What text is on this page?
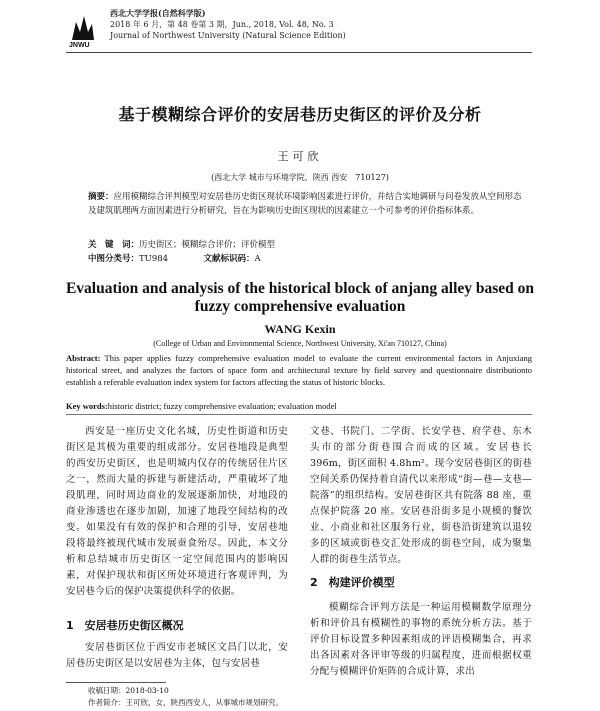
JNWU
西北大学学报(自然科学版)
2018 年 6 月，第 48 卷第 3 期，Jun., 2018, Vol. 48, No. 3
Journal of Northwest University (Natural Science Edition)
基于模糊综合评价的安居巷历史街区的评价及分析
王可欣
(西北大学 城市与环境学院，陕西 西安　710127)
摘要：应用模糊综合评判模型对安居巷历史街区现状环境影响因素进行评价，并结合实地调研与问卷发放从空间形态及建筑肌理两方面因素进行分析研究，旨在为影响历史街区现状的因素建立一个可参考的评价指标体系。
关　键　词：历史街区；模糊综合评价；评价模型
中图分类号：TU984	文献标识码：A
Evaluation and analysis of the historical block of anjang alley based on fuzzy comprehensive evaluation
WANG Kexin
(College of Urban and Environmental Science, Northwest University, Xi'an 710127, China)
Abstract: This paper applies fuzzy comprehensive evaluation model to evaluate the current environmental factors in Anjuxiang historical street, and analyzes the factors of space form and architectural texture by field survey and questionnaire distributionto establish a referable evaluation index system for factors affecting the status of historic blocks.
Key words:historic district; fuzzy comprehensive evaluation; evaluation model

西安是一座历史文化名城，历史性街道和历史街区是其极为重要的组成部分。安居巷地段是典型的西安历史街区，也是明城内仅存的传统居住片区之一，然而大量的拆建与新建活动，严重破坏了地段肌理，同时周边商业的发展逐渐加快，对地段的商业渗透也在逐步加剧，加速了地段空间结构的改变。如果没有有效的保护和合理的引导，安居巷地段将最终被现代城市发展蚕食殆尽。因此，本文分析和总结城市历史街区一定空间范围内的影响因素，对保护现状和街区所处环境进行客观评判，为安居巷今后的保护决策提供科学的依据。

1　安居巷历史街区概况

安居巷街区位于西安市老城区文昌门以北，安居巷历史街区是以安居巷为主体，包与安居巷

文巷、书院门、二学街、长安学巷、府学巷、东木头市的部分街巷围合而成的区域。安居巷长 396m，街区面积 4.8hm²。现今安居巷街区的街巷空间关系仍保持着自清代以来形成“街—巷—支巷—院落”的组织结构。安居巷街区共有院落 88 座，重点保护院落 20 座。安居巷沿街多是小规模的餐饮业、小商业和社区服务行业，街巷沿街建筑以退较多的区域或街巷交汇处形成的街巷空间，成为聚集人群的街巷生活节点。

2　构建评价模型

模糊综合评判方法是一种运用模糊数学原理分析和评价具有模糊性的事物的系统分析方法。基于评价目标设置多种因素组成的评语模糊集合，再求出各因素对各评审等级的归属程度，进而根据权重分配与模糊评价矩阵的合成计算，求出

收稿日期：2018-03-10
作者简介：王可欣，女，陕西西安人，从事城市规划研究。
